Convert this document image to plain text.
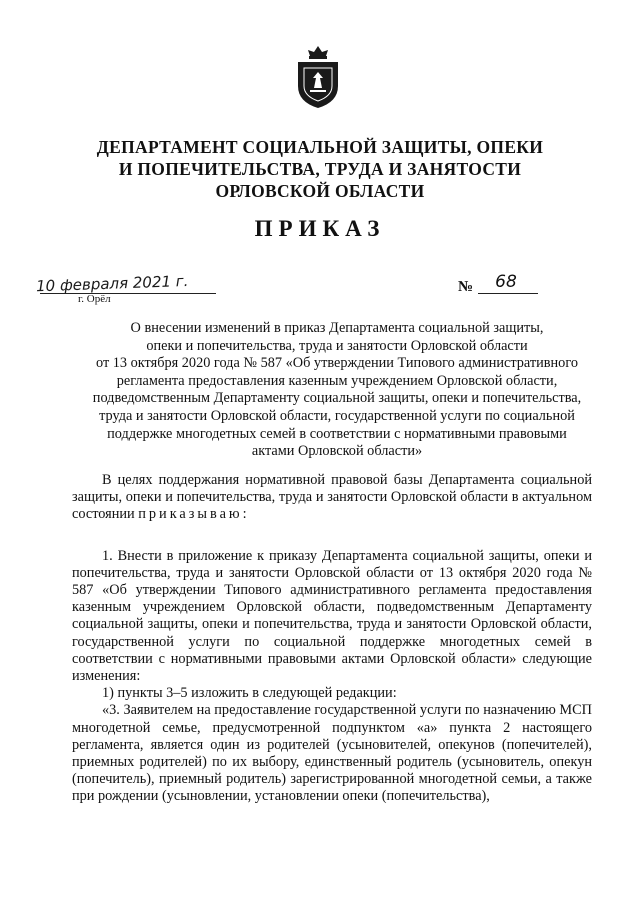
ДЕПАРТАМЕНТ СОЦИАЛЬНОЙ ЗАЩИТЫ, ОПЕКИ
И ПОПЕЧИТЕЛЬСТВА, ТРУДА И ЗАНЯТОСТИ
ОРЛОВСКОЙ ОБЛАСТИ
ПРИКАЗ
10 февраля 2021 г.
г. Орёл
№	68
О внесении изменений в приказ Департамента социальной защиты,
опеки и попечительства, труда и занятости Орловской области
от 13 октября 2020 года № 587 «Об утверждении Типового административного
регламента предоставления казенным учреждением Орловской области,
подведомственным Департаменту социальной защиты, опеки и попечительства,
труда и занятости Орловской области, государственной услуги по социальной
поддержке многодетных семей в соответствии с нормативными правовыми
актами Орловской области»

В целях поддержания нормативной правовой базы Департамента социальной защиты, опеки и попечительства, труда и занятости Орловской области в актуальном состоянии приказываю:

1. Внести в приложение к приказу Департамента социальной защиты, опеки и попечительства, труда и занятости Орловской области от 13 октября 2020 года № 587 «Об утверждении Типового административного регламента предоставления казенным учреждением Орловской области, подведомственным Департаменту социальной защиты, опеки и попечительства, труда и занятости Орловской области, государственной услуги по социальной поддержке многодетных семей в соответствии с нормативными правовыми актами Орловской области» следующие изменения:

1) пункты 3–5 изложить в следующей редакции:

«3. Заявителем на предоставление государственной услуги по назначению МСП многодетной семье, предусмотренной подпунктом «а» пункта 2 настоящего регламента, является один из родителей (усыновителей, опекунов (попечителей), приемных родителей) по их выбору, единственный родитель (усыновитель, опекун (попечитель), приемный родитель) зарегистрированной многодетной семьи, а также при рождении (усыновлении, установлении опеки (попечительства),
